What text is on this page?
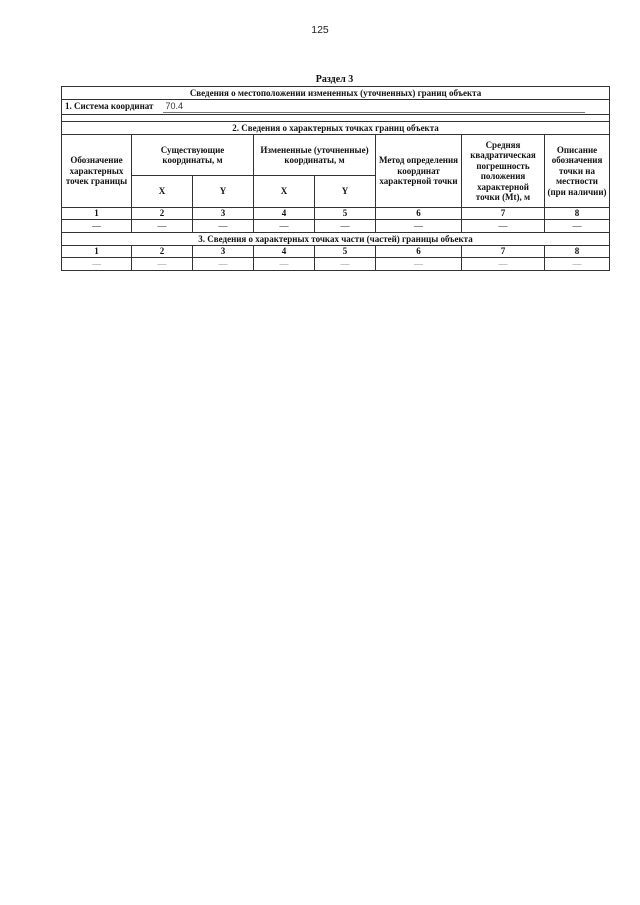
125
Раздел 3
Сведения о местоположении измененных (уточненных) границ объекта							
1. Система координат 70.4							

2. Сведения о характерных точках границ объекта							
Обозначение характерных точек границы	Существующие координаты, м		Измененные (уточненные) координаты, м		Метод определения координат характерной точки	Средняя квадратическая погрешность положения характерной точки (Mt), м	Описание обозначения точки на местности (при наличии)
	X	Y	X	Y			
1	2	3	4	5	6	7	8
—	—	—	—	—	—	—	—
3. Сведения о характерных точках части (частей) границы объекта							
1	2	3	4	5	6	7	8
—	—	—	—	—	—	—	—
